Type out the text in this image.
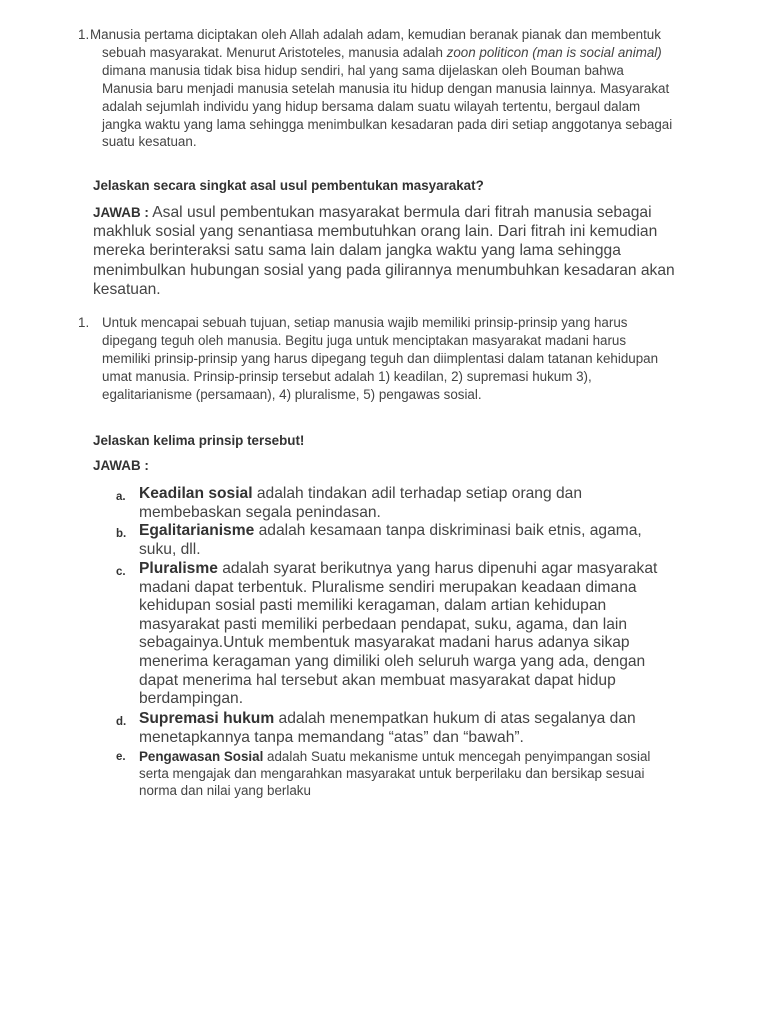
1. Manusia pertama diciptakan oleh Allah adalah adam, kemudian beranak pianak dan membentuk sebuah masyarakat. Menurut Aristoteles, manusia adalah zoon politicon (man is social animal) dimana manusia tidak bisa hidup sendiri, hal yang sama dijelaskan oleh Bouman bahwa Manusia baru menjadi manusia setelah manusia itu hidup dengan manusia lainnya. Masyarakat adalah sejumlah individu yang hidup bersama dalam suatu wilayah tertentu, bergaul dalam jangka waktu yang lama sehingga menimbulkan kesadaran pada diri setiap anggotanya sebagai suatu kesatuan.
Jelaskan secara singkat asal usul pembentukan masyarakat?
JAWAB : Asal usul pembentukan masyarakat bermula dari fitrah manusia sebagai makhluk sosial yang senantiasa membutuhkan orang lain. Dari fitrah ini kemudian mereka berinteraksi satu sama lain dalam jangka waktu yang lama sehingga menimbulkan hubungan sosial yang pada gilirannya menumbuhkan kesadaran akan kesatuan.
1. Untuk mencapai sebuah tujuan, setiap manusia wajib memiliki prinsip-prinsip yang harus dipegang teguh oleh manusia. Begitu juga untuk menciptakan masyarakat madani harus memiliki prinsip-prinsip yang harus dipegang teguh dan diimplentasi dalam tatanan kehidupan umat manusia. Prinsip-prinsip tersebut adalah 1) keadilan, 2) supremasi hukum 3), egalitarianisme (persamaan), 4) pluralisme, 5) pengawas sosial.
Jelaskan kelima prinsip tersebut!
JAWAB :
a. Keadilan sosial adalah tindakan adil terhadap setiap orang dan membebaskan segala penindasan.
b. Egalitarianisme adalah kesamaan tanpa diskriminasi baik etnis, agama, suku, dll.
c. Pluralisme adalah syarat berikutnya yang harus dipenuhi agar masyarakat madani dapat terbentuk. Pluralisme sendiri merupakan keadaan dimana kehidupan sosial pasti memiliki keragaman, dalam artian kehidupan masyarakat pasti memiliki perbedaan pendapat, suku, agama, dan lain sebagainya.Untuk membentuk masyarakat madani harus adanya sikap menerima keragaman yang dimiliki oleh seluruh warga yang ada, dengan dapat menerima hal tersebut akan membuat masyarakat dapat hidup berdampingan.
d. Supremasi hukum adalah menempatkan hukum di atas segalanya dan menetapkannya tanpa memandang “atas” dan “bawah”.
e. Pengawasan Sosial adalah Suatu mekanisme untuk mencegah penyimpangan sosial serta mengajak dan mengarahkan masyarakat untuk berperilaku dan bersikap sesuai norma dan nilai yang berlaku
